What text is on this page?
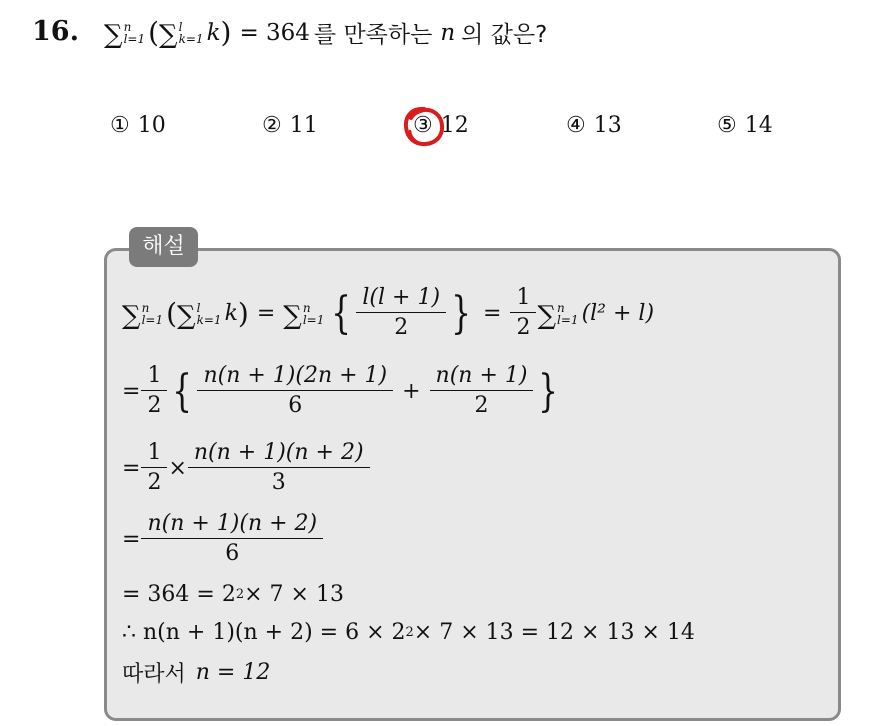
16. ∑ n
l=1 ( ∑ l
k=1 k ) = 364 를 만족하는 n 의 값은?
① 10	② 11	③ 12	④ 13	⑤ 14
해설
∑ n
l=1 ( ∑ l
k=1 k ) = ∑ n
l=1 { $\frac{l(l + 1)}{2}$ } = $\frac{1}{2}$ ∑ n
l=1 (l² + l)
= $\frac{1}{2}$ { $\frac{n(n + 1)(2n + 1)}{6} + \frac{n(n + 1)}{2}$ }
= $\frac{1}{2} \times \frac{n(n + 1)(n + 2)}{3}$
= $\frac{n(n + 1)(n + 2)}{6}$
= 364 = 2 2 × 7 × 13
∴ n(n + 1)(n + 2) = 6 × 2 2 × 7 × 13 = 12 × 13 × 14
따라서 n = 12
